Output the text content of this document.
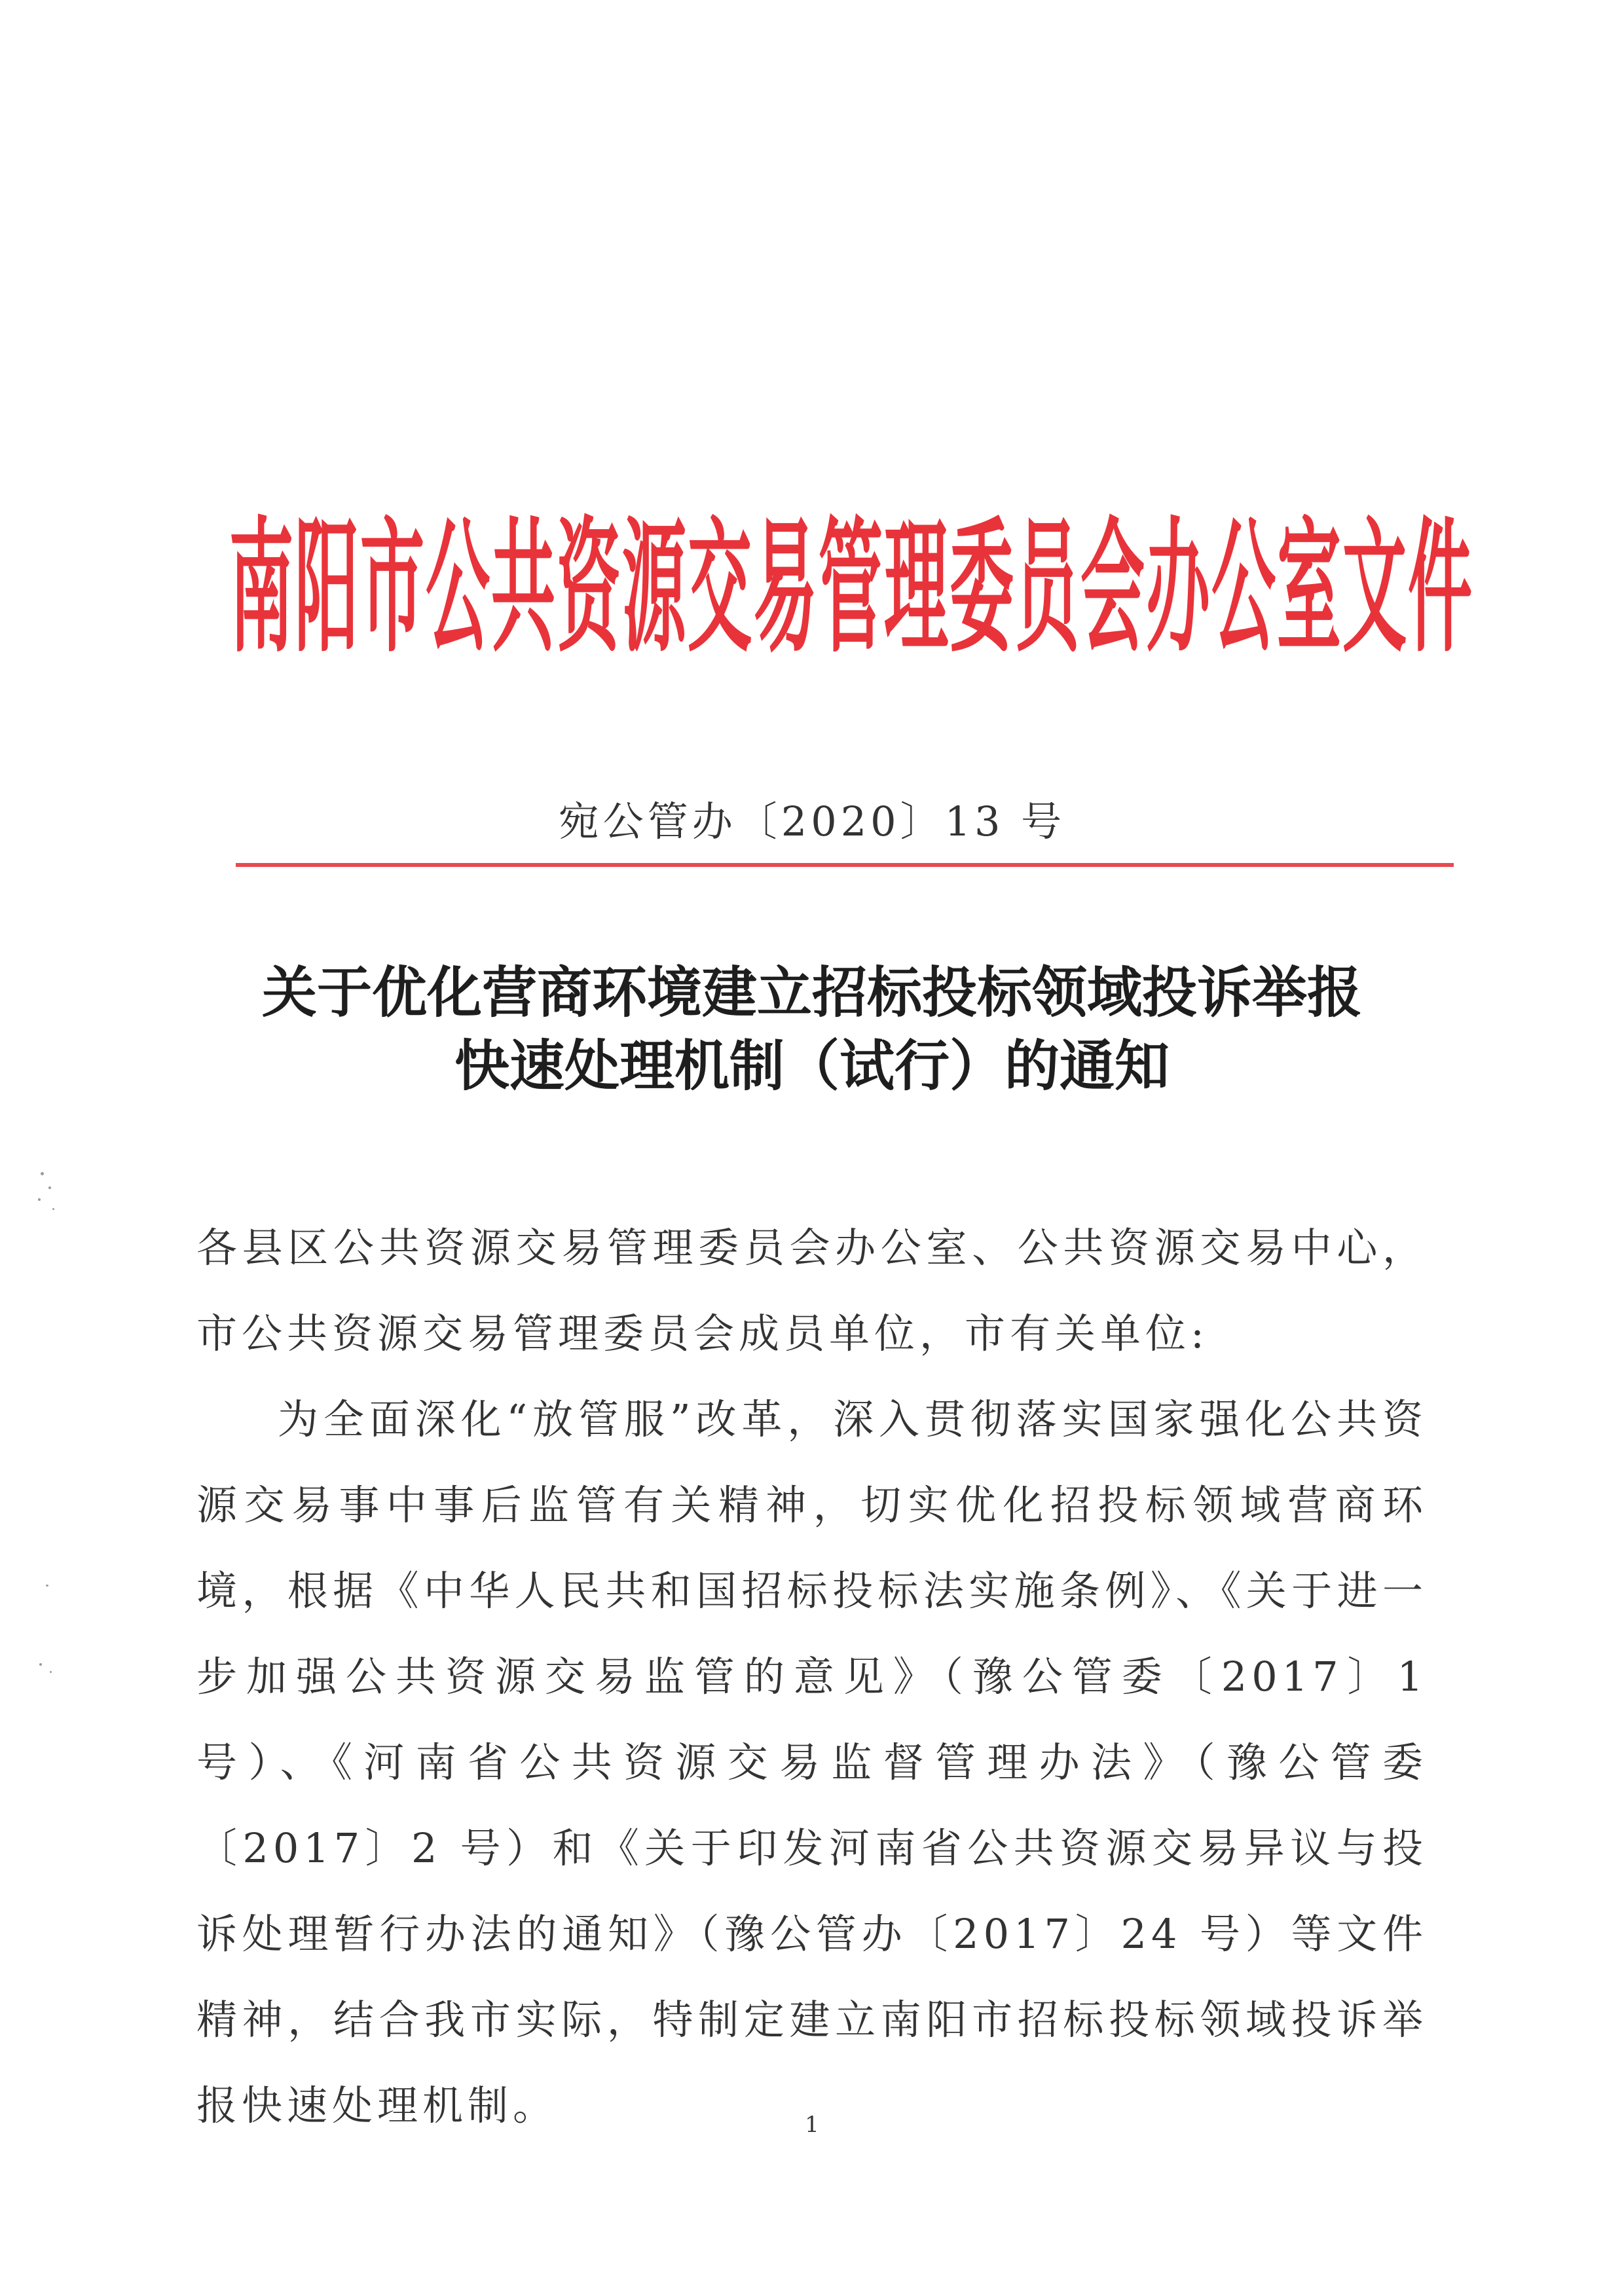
南阳市公共资源交易管理委员会办公室文件
宛公管办〔2020〕13 号
关于优化营商环境建立招标投标领域投诉举报
快速处理机制（试行）的通知

各县区公共资源交易管理委员会办公室、公共资源交易中心，市公共资源交易管理委员会成员单位，市有关单位:

为全面深化“放管服”改革，深入贯彻落实国家强化公共资源交易事中事后监管有关精神，切实优化招投标领域营商环境，根据《中华人民共和国招标投标法实施条例》、《关于进一步加强公共资源交易监管的意见》（豫公管委〔2017〕1 号）、《河南省公共资源交易监督管理办法》（豫公管委〔2017〕2 号）和《关于印发河南省公共资源交易异议与投诉处理暂行办法的通知》（豫公管办〔2017〕24 号）等文件精神，结合我市实际，特制定建立南阳市招标投标领域投诉举报快速处理机制。	1
